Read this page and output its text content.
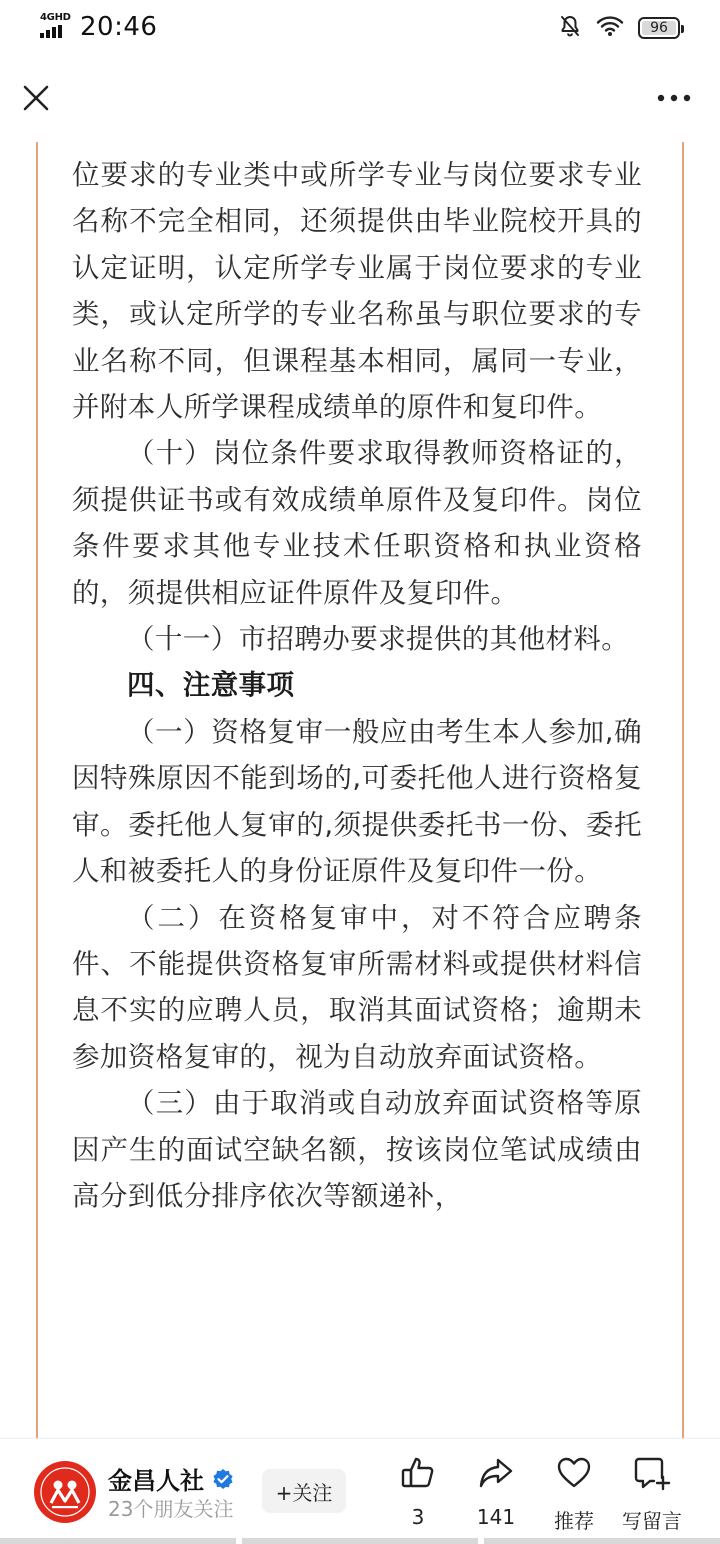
4GHD 20:46	96

位要求的专业类中或所学专业与岗位要求专业名称不完全相同，还须提供由毕业院校开具的认定证明，认定所学专业属于岗位要求的专业类，或认定所学的专业名称虽与职位要求的专业名称不同，但课程基本相同，属同一专业，并附本人所学课程成绩单的原件和复印件。

（十）岗位条件要求取得教师资格证的，须提供证书或有效成绩单原件及复印件。岗位条件要求其他专业技术任职资格和执业资格的，须提供相应证件原件及复印件。

（十一）市招聘办要求提供的其他材料。

四、注意事项

（一）资格复审一般应由考生本人参加,确因特殊原因不能到场的,可委托他人进行资格复审。委托他人复审的,须提供委托书一份、委托人和被委托人的身份证原件及复印件一份。

（二）在资格复审中，对不符合应聘条件、不能提供资格复审所需材料或提供材料信息不实的应聘人员，取消其面试资格；逾期未参加资格复审的，视为自动放弃面试资格。

（三）由于取消或自动放弃面试资格等原因产生的面试空缺名额，按该岗位笔试成绩由高分到低分排序依次等额递补，

金昌人社
23个朋友关注
+关注
3	141 推荐 写留言
